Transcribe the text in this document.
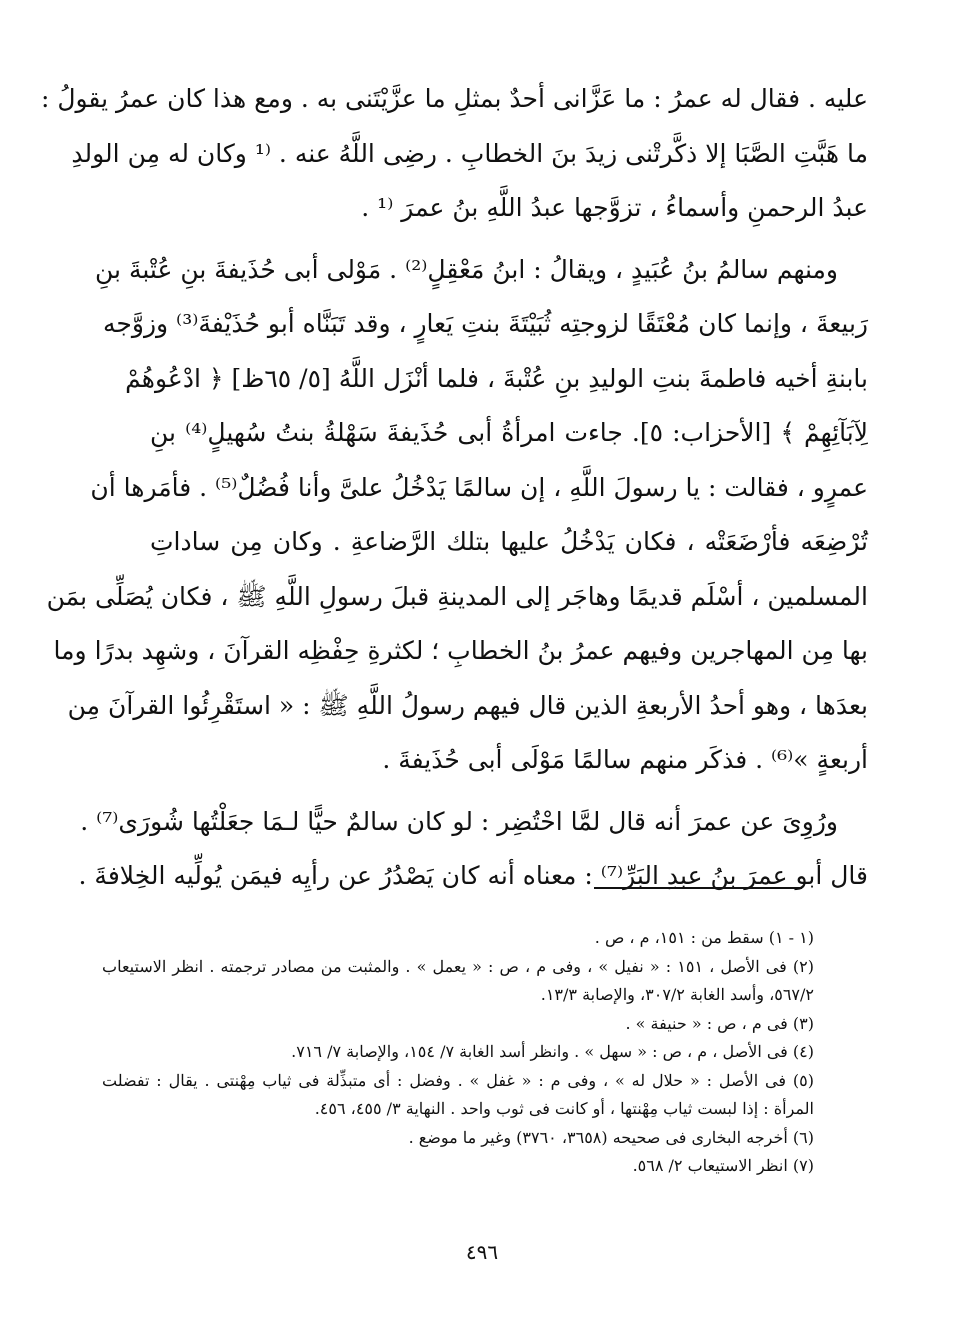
عليه . فقال له عمرُ : ما عَزَّانى أحدٌ بمثلِ ما عزَّيْتَنى به . ومع هذا كان عمرُ يقولُ :
ما هَبَّتِ الصَّبَا إلا ذكَّرتْنى زيدَ بنَ الخطابِ . رضِى اللَّهُ عنه . ⁽¹ وكان له مِن الولدِ
عبدُ الرحمنِ وأسماءُ ، تزوَّجها عبدُ اللَّهِ بنُ عمرَ ⁽¹ .
ومنهم سالمُ بنُ عُبَيدٍ ، ويقالُ : ابنُ مَعْقِلٍ⁽²⁾ . مَوْلى أبى حُذَيفةَ بنِ عُتْبةَ بنِ
رَبيعةَ ، وإنما كان مُعْتَقًا لزوجتِه ثُبَيْتَةَ بنتِ يَعارٍ ، وقد تَبَنَّاه أبو حُذَيْفةَ⁽³⁾ وزوَّجه
بابنةِ أخيه فاطمةَ بنتِ الوليدِ بنِ عُتْبةَ ، فلما أنْزَل اللَّهُ [٥/ ٦٥ظ] ﴿ ادْعُوهُمْ
لِآبَآئِهِمْ ﴾ [الأحزاب: ٥]. جاءت امرأةُ أبى حُذَيفةَ سَهْلةُ بنتُ سُهيلٍ⁽⁴⁾ بنِ
عمرٍو ، فقالت : يا رسولَ اللَّهِ ، إن سالمًا يَدْخُلُ علىَّ وأنا فُضُلٌ⁽⁵⁾ . فأمَرها أن
تُرْضِعَه فأرْضَعَتْه ، فكان يَدْخُلُ عليها بتلك الرَّضاعةِ . وكان مِن ساداتِ
المسلمين ، أسْلَم قديمًا وهاجَر إلى المدينةِ قبلَ رسولِ اللَّهِ ﷺ ، فكان يُصَلِّى بمَن
بها مِن المهاجرين وفيهم عمرُ بنُ الخطابِ ؛ لكثرةِ حِفْظِه القرآنَ ، وشهِد بدرًا وما
بعدَها ، وهو أحدُ الأربعةِ الذين قال فيهم رسولُ اللَّهِ ﷺ : « استَقْرِئُوا القرآنَ مِن
أربعةٍ »⁽⁶⁾ . فذكَر منهم سالمًا مَوْلَى أبى حُذَيفةَ .
ورُوِىَ عن عمرَ أنه قال لمَّا احْتُضِر : لو كان سالمٌ حيًّا لـمَا جعَلْتُها شُورَى⁽⁷⁾ .
قال أبو عمرَ بنُ عبدِ البَرِّ⁽⁷⁾ : معناه أنه كان يَصْدُرُ عن رأيِه فيمَن يُولِّيه الخِلافةَ .
(١ - ١) سقط من : ١٥١، م ، ص .
(٢) فى الأصل ، ١٥١ : « نفيل » ، وفى م ، ص : « يعمل » . والمثبت من مصادر ترجمته . انظر الاستيعاب
٥٦٧/٢، وأسد الغابة ٣٠٧/٢، والإصابة ١٣/٣.
(٣) فى م ، ص : « حنيفة » .
(٤) فى الأصل ، م ، ص : « سهل » . وانظر أسد الغابة ٧/ ١٥٤، والإصابة ٧/ ٧١٦.
(٥) فى الأصل : « حلال له » ، وفى م : « غفل » . وفضل : أى متبذِّلة فى ثياب مِهْنتى . يقال : تفضلت
المرأة : إذا لبست ثياب مِهْنتها ، أو كانت فى ثوب واحد . النهاية ٣/ ٤٥٥، ٤٥٦.
(٦) أخرجه البخارى فى صحيحه (٣٦٥٨، ٣٧٦٠) وغير ما موضع .
(٧) انظر الاستيعاب ٢/ ٥٦٨.
٤٩٦
